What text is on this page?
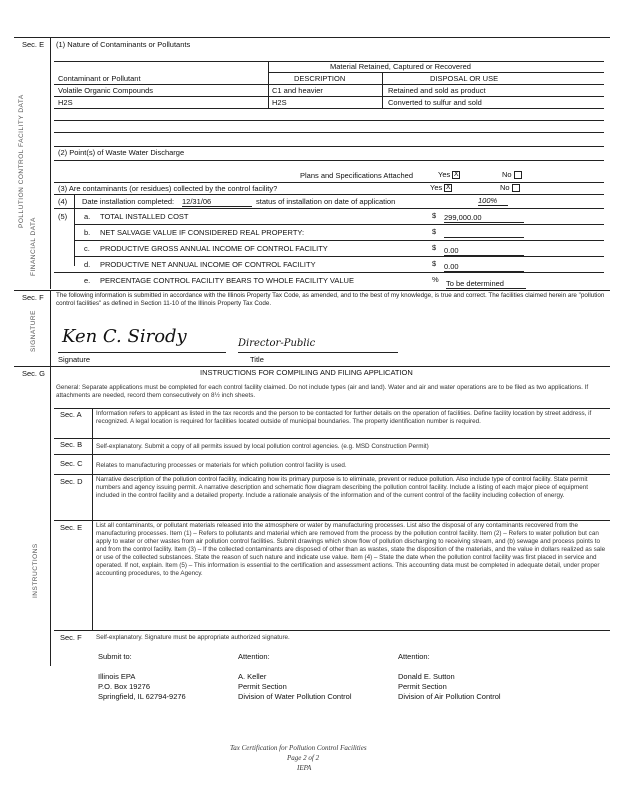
Sec. E (1) Nature of Contaminants or Pollutants
POLLUTION CONTROL FACILITY DATA
FINANCIAL DATA
Material Retained, Captured or Recovered
Contaminant or Pollutant	DESCRIPTION	DISPOSAL OR USE
Volatile Organic Compounds	C1 and heavier	Retained and sold as product
H2S	H2S	Converted to sulfur and sold
(2) Point(s) of Waste Water Discharge
Plans and Specifications Attached	Yes X	No
(3) Are contaminants (or residues) collected by the control facility?	Yes X	No
(4) Date installation completed: 12/31/06	status of installation on date of application	100%
(5) a. TOTAL INSTALLED COST	$ 299,000.00
b. NET SALVAGE VALUE IF CONSIDERED REAL PROPERTY:	$
c. PRODUCTIVE GROSS ANNUAL INCOME OF CONTROL FACILITY	$ 0.00
d. PRODUCTIVE NET ANNUAL INCOME OF CONTROL FACILITY	$ 0.00
e. PERCENTAGE CONTROL FACILITY BEARS TO WHOLE FACILITY VALUE	% To be determined
Sec. F
SIGNATURE
The following information is submitted in accordance with the Illinois Property Tax Code, as amended, and to the best of my knowledge, is true and correct. The facilities claimed herein are "pollution control facilities" as defined in Section 11-10 of the Illinois Property Tax Code.
Ken C. Sirody	Director-Public
Signature	Title
Sec. G
INSTRUCTIONS
INSTRUCTIONS FOR COMPILING AND FILING APPLICATION
General: Separate applications must be completed for each control facility claimed. Do not include types (air and land). Water and air and water operations are to be filed as two applications. If attachments are needed, record them consecutively on 8½ inch sheets.
Sec. A Information refers to applicant as listed in the tax records and the person to be contacted for further details on the operation of facilities. Define facility location by street address, if recognized. A legal location is required for facilities located outside of municipal boundaries. The property identification number is required.
Sec. B Self-explanatory. Submit a copy of all permits issued by local pollution control agencies. (e.g. MSD Construction Permit)
Sec. C Relates to manufacturing processes or materials for which pollution control facility is used.
Sec. D Narrative description of the pollution control facility, indicating how its primary purpose is to eliminate, prevent or reduce pollution. Also include type of control facility. State permit numbers and agency issuing permit. A narrative description and schematic flow diagram describing the pollution control facility. Include a listing of each major piece of equipment included in the control facility and a detailed property. Include a rationale analysis of the information and of the current control of the facility including collection of energy.
Sec. E List all contaminants, or pollutant materials released into the atmosphere or water by manufacturing processes. List also the disposal of any contaminants recovered from the manufacturing processes. Item (1) – Refers to pollutants and material which are removed from the process by the pollution control facility. Item (2) – Refers to water pollution but can apply to water or other wastes from air pollution control facilities. Submit drawings which show flow of pollution discharging to receiving stream, and (b) sewage and process points to and from the control facility. Item (3) – If the collected contaminants are disposed of other than as wastes, state the disposition of the materials, and the value in dollars realized as sale or use of the collected substances. State the reason of such nature and indicate use value. Item (4) – State the date when the pollution control facility was first placed in service and operated. If not, explain. Item (5) – This information is essential to the certification and assessment actions. This accounting data must be completed in adequate detail, under proper accounting procedures, to the Agency.
Sec. F Self-explanatory. Signature must be appropriate authorized signature.
Submit to:	Attention:	Attention:
Illinois EPA
P.O. Box 19276
Springfield, IL 62794-9276
A. Keller
Permit Section
Division of Water Pollution Control
Donald E. Sutton
Permit Section
Division of Air Pollution Control
Tax Certification for Pollution Control Facilities
Page 2 of 2
IEPA
